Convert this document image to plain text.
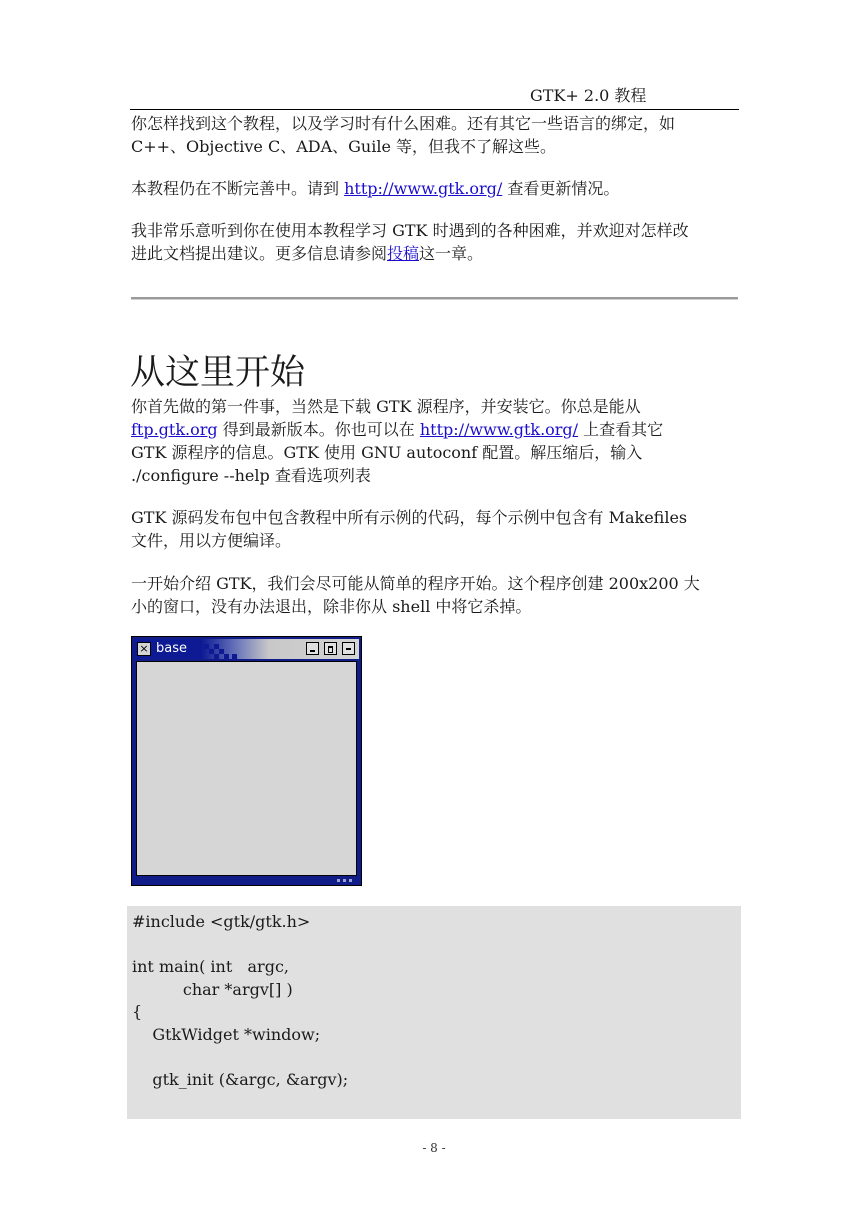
GTK+ 2.0 教程
你怎样找到这个教程，以及学习时有什么困难。还有其它一些语言的绑定，如
C++、Objective C、ADA、Guile 等，但我不了解这些。
本教程仍在不断完善中。请到 http://www.gtk.org/ 查看更新情况。
我非常乐意听到你在使用本教程学习 GTK 时遇到的各种困难，并欢迎对怎样改
进此文档提出建议。更多信息请参阅投稿这一章。
从这里开始
你首先做的第一件事，当然是下载 GTK 源程序，并安装它。你总是能从
ftp.gtk.org 得到最新版本。你也可以在 http://www.gtk.org/ 上查看其它
GTK 源程序的信息。GTK 使用 GNU autoconf 配置。解压缩后，输入
./configure --help 查看选项列表
GTK 源码发布包中包含教程中所有示例的代码，每个示例中包含有 Makefiles
文件，用以方便编译。
一开始介绍 GTK，我们会尽可能从简单的程序开始。这个程序创建 200x200 大
小的窗口，没有办法退出，除非你从 shell 中将它杀掉。
× base
#include <gtk/gtk.h>
int main( int   argc,
char *argv[] )
{
GtkWidget *window;
gtk_init (&argc, &argv);
- 8 -
